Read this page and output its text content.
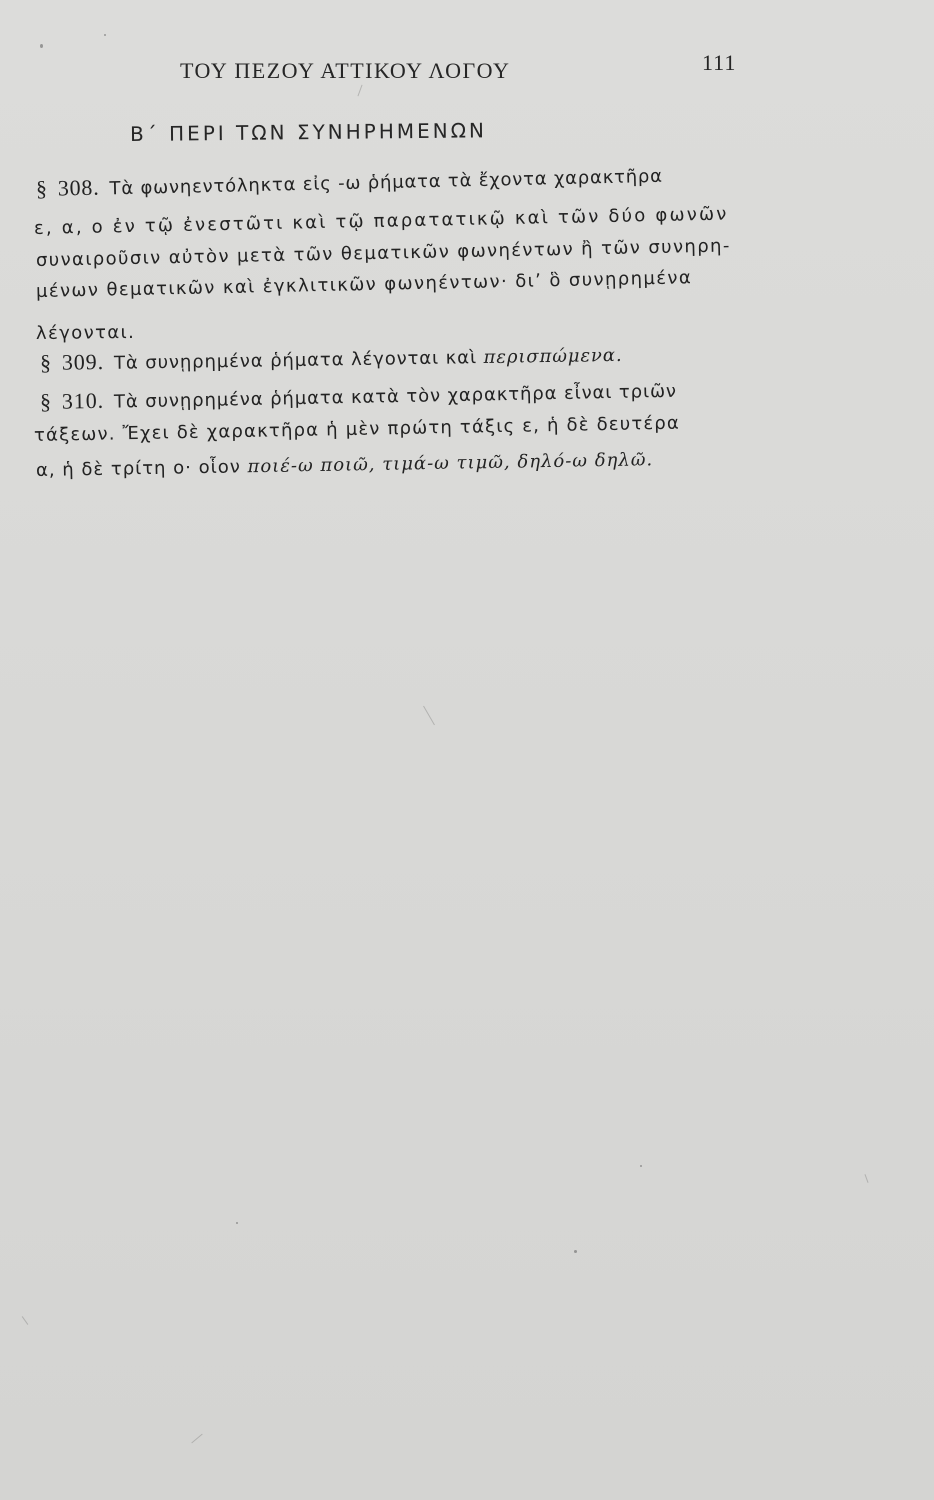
ΤΟΥ ΠΕΖΟΥ ΑΤΤΙΚΟΥ ΛΟΓΟΥ	111
Β΄ ΠΕΡΙ ΤΩΝ ΣΥΝΗΡΗΜΕΝΩΝ
§ 308. Τὰ φωνηεντόληκτα εἰς -ω ῥήματα τὰ ἔχοντα χαρακτῆρα
ε, α, ο ἐν τῷ ἐνεστῶτι καὶ τῷ παρατατικῷ καὶ τῶν δύο φωνῶν
συναιροῦσιν αὐτὸν μετὰ τῶν θεματικῶν φωνηέντων ἢ τῶν συνηρη-
μένων θεματικῶν καὶ ἐγκλιτικῶν φωνηέντων· διʼ ὃ συνῃρημένα
λέγονται.
§ 309. Τὰ συνῃρημένα ῥήματα λέγονται καὶ περισπώμενα.
§ 310. Τὰ συνῃρημένα ῥήματα κατὰ τὸν χαρακτῆρα εἶναι τριῶν
τάξεων. Ἔχει δὲ χαρακτῆρα ἡ μὲν πρώτη τάξις ε, ἡ δὲ δευτέρα
α, ἡ δὲ τρίτη ο· οἷον ποιέ-ω ποιῶ, τιμά-ω τιμῶ, δηλό-ω δηλῶ.
